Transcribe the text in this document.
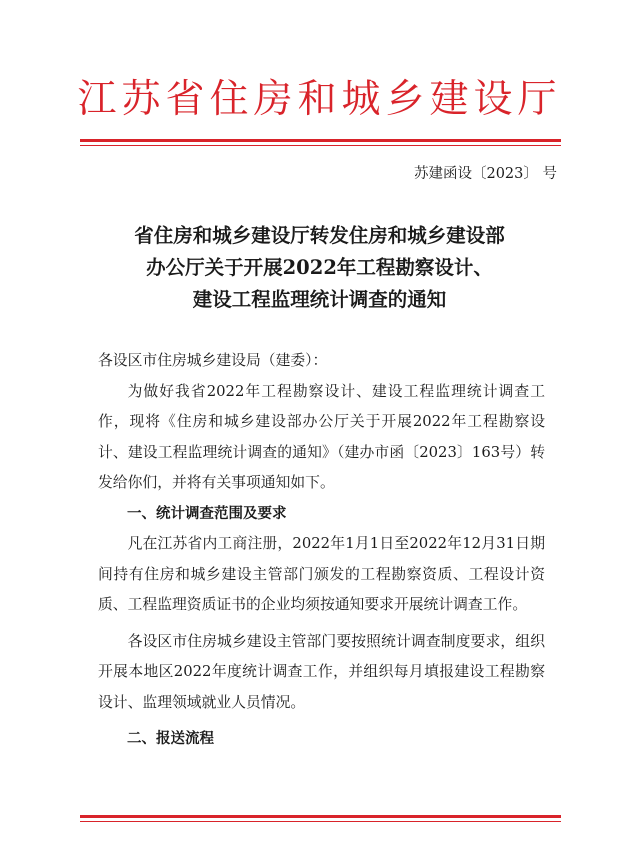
江苏省住房和城乡建设厅
苏建函设〔2023〕 号
省住房和城乡建设厅转发住房和城乡建设部
办公厅关于开展2022年工程勘察设计、
建设工程监理统计调查的通知

各设区市住房城乡建设局（建委）：

为做好我省2022年工程勘察设计、建设工程监理统计调查工作，现将《住房和城乡建设部办公厅关于开展2022年工程勘察设计、建设工程监理统计调查的通知》（建办市函〔2023〕163号）转发给你们，并将有关事项通知如下。

一、统计调查范围及要求

凡在江苏省内工商注册，2022年1月1日至2022年12月31日期间持有住房和城乡建设主管部门颁发的工程勘察资质、工程设计资质、工程监理资质证书的企业均须按通知要求开展统计调查工作。

各设区市住房城乡建设主管部门要按照统计调查制度要求，组织开展本地区2022年度统计调查工作，并组织每月填报建设工程勘察设计、监理领域就业人员情况。

二、报送流程
